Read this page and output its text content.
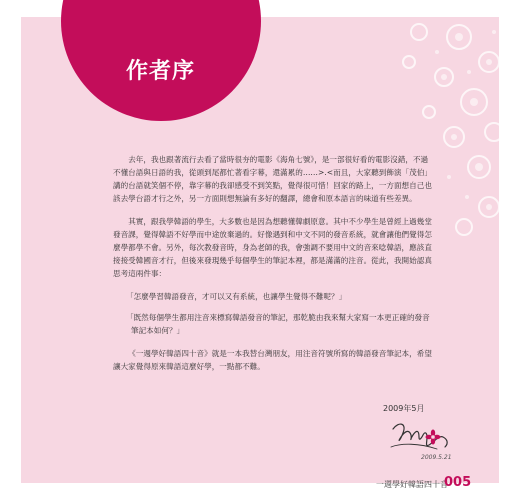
作者序

去年，我也跟著流行去看了當時很夯的電影《海角七號》，是一部很好看的電影沒錯，不過不懂台語與日語的我，從頭到尾都忙著看字幕，還滿累的……>.<而且，大家聽到飾演「茂伯」講的台語就笑個不停，靠字幕的我卻感受不到笑點，覺得很可惜！回家的路上，一方面想自己也該去學台語才行之外，另一方面則想無論有多好的翻譯，總會和原本語言的味道有些差異。

其實，跟我學韓語的學生，大多數也是因為想聽懂韓劇原意。其中不少學生是曾經上過幾堂發音課，覺得韓語不好學而中途放棄過的。好像遇到和中文不同的發音系統，就會讓他們覺得怎麼學都學不會。另外，每次教發音時，身為老師的我，會強調不要用中文的音來唸韓語，應該直接接受韓國音才行，但後來發現幾乎每個學生的筆記本裡，都是滿滿的注音。從此，我開始認真思考這兩件事：

「怎麼學習韓語發音，才可以又有系統，也讓學生覺得不難呢？」

「既然每個學生都用注音來標寫韓語發音的筆記，那乾脆由我來幫大家寫一本更正確的發音筆記本如何？」

《一週學好韓語四十音》就是一本我替台灣朋友，用注音符號所寫的韓語發音筆記本，希望讓大家覺得原來韓語這麼好學，一點都不難。

2009年5月
2009.5.21
一週學好韓語四十音
005
